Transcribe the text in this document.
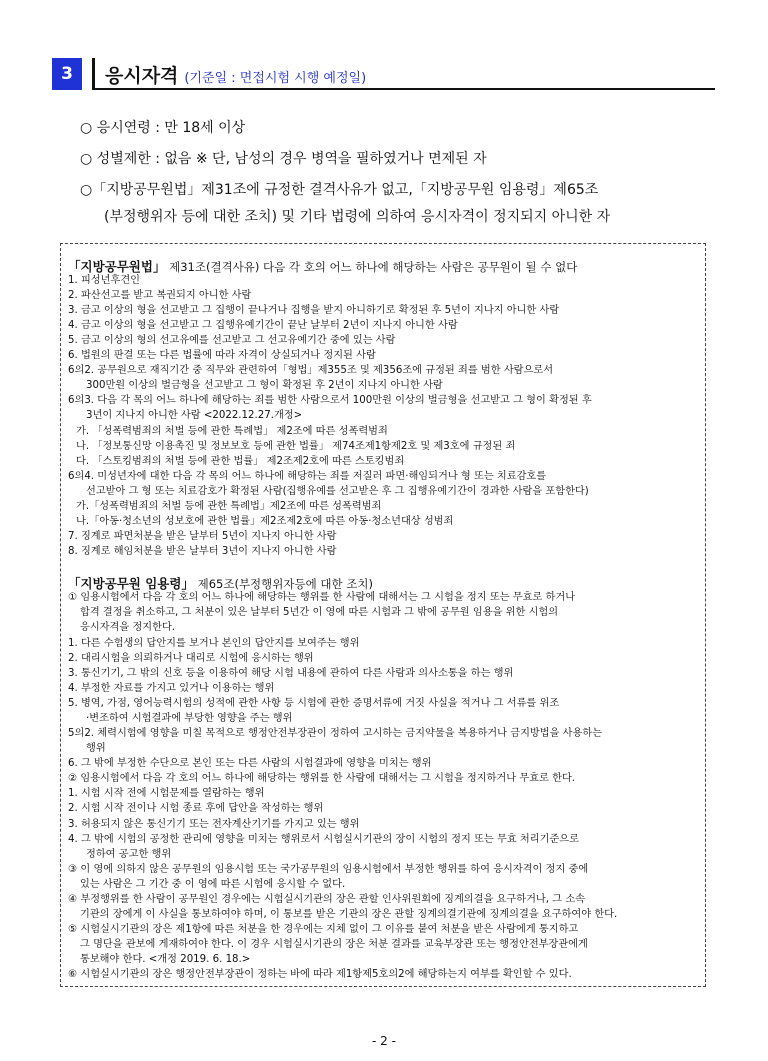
3	응시자격 (기준일 : 면접시험 시행 예정일)
○ 응시연령 : 만 18세 이상
○ 성별제한 : 없음 ※ 단, 남성의 경우 병역을 필하였거나 면제된 자
○「지방공무원법」제31조에 규정한 결격사유가 없고,「지방공무원 임용령」제65조
(부정행위자 등에 대한 조치) 및 기타 법령에 의하여 응시자격이 정지되지 아니한 자
「지방공무원법」 제31조(결격사유) 다음 각 호의 어느 하나에 해당하는 사람은 공무원이 될 수 없다
1. 피성년후견인
2. 파산선고를 받고 복권되지 아니한 사람
3. 금고 이상의 형을 선고받고 그 집행이 끝나거나 집행을 받지 아니하기로 확정된 후 5년이 지나지 아니한 사람
4. 금고 이상의 형을 선고받고 그 집행유예기간이 끝난 날부터 2년이 지나지 아니한 사람
5. 금고 이상의 형의 선고유예를 선고받고 그 선고유예기간 중에 있는 사람
6. 법원의 판결 또는 다른 법률에 따라 자격이 상실되거나 정지된 사람
6의2. 공무원으로 재직기간 중 직무와 관련하여「형법」제355조 및 제356조에 규정된 죄를 범한 사람으로서
300만원 이상의 벌금형을 선고받고 그 형이 확정된 후 2년이 지나지 아니한 사람
6의3. 다음 각 목의 어느 하나에 해당하는 죄를 범한 사람으로서 100만원 이상의 벌금형을 선고받고 그 형이 확정된 후
3년이 지나지 아니한 사람 <2022.12.27.개정>
가. 「성폭력범죄의 처벌 등에 관한 특례법」 제2조에 따른 성폭력범죄
나. 「정보통신망 이용촉진 및 정보보호 등에 관한 법률」 제74조제1항제2호 및 제3호에 규정된 죄
다. 「스토킹범죄의 처벌 등에 관한 법률」 제2조제2호에 따른 스토킹범죄
6의4. 미성년자에 대한 다음 각 목의 어느 하나에 해당하는 죄를 저질러 파면·해임되거나 형 또는 치료감호를
선고받아 그 형 또는 치료감호가 확정된 사람(집행유예를 선고받은 후 그 집행유예기간이 경과한 사람을 포함한다)
가.「성폭력범죄의 처벌 등에 관한 특례법」제2조에 따른 성폭력범죄
나.「아동·청소년의 성보호에 관한 법률」제2조제2호에 따른 아동·청소년대상 성범죄
7. 징계로 파면처분을 받은 날부터 5년이 지나지 아니한 사람
8. 징계로 해임처분을 받은 날부터 3년이 지나지 아니한 사람
「지방공무원 임용령」 제65조(부정행위자등에 대한 조치)
① 임용시험에서 다음 각 호의 어느 하나에 해당하는 행위를 한 사람에 대해서는 그 시험을 정지 또는 무효로 하거나
합격 결정을 취소하고, 그 처분이 있은 날부터 5년간 이 영에 따른 시험과 그 밖에 공무원 임용을 위한 시험의
응시자격을 정지한다.
1. 다른 수험생의 답안지를 보거나 본인의 답안지를 보여주는 행위
2. 대리시험을 의뢰하거나 대리로 시험에 응시하는 행위
3. 통신기기, 그 밖의 신호 등을 이용하여 해당 시험 내용에 관하여 다른 사람과 의사소통을 하는 행위
4. 부정한 자료를 가지고 있거나 이용하는 행위
5. 병역, 가점, 영어능력시험의 성적에 관한 사항 등 시험에 관한 증명서류에 거짓 사실을 적거나 그 서류를 위조
·변조하여 시험결과에 부당한 영향을 주는 행위
5의2. 체력시험에 영향을 미칠 목적으로 행정안전부장관이 정하여 고시하는 금지약물을 복용하거나 금지방법을 사용하는
행위
6. 그 밖에 부정한 수단으로 본인 또는 다른 사람의 시험결과에 영향을 미치는 행위
② 임용시험에서 다음 각 호의 어느 하나에 해당하는 행위를 한 사람에 대해서는 그 시험을 정지하거나 무효로 한다.
1. 시험 시작 전에 시험문제를 열람하는 행위
2. 시험 시작 전이나 시험 종료 후에 답안을 작성하는 행위
3. 허용되지 않은 통신기기 또는 전자계산기기를 가지고 있는 행위
4. 그 밖에 시험의 공정한 관리에 영향을 미치는 행위로서 시험실시기관의 장이 시험의 정지 또는 무효 처리기준으로
정하여 공고한 행위
③ 이 영에 의하지 않은 공무원의 임용시험 또는 국가공무원의 임용시험에서 부정한 행위를 하여 응시자격이 정지 중에
있는 사람은 그 기간 중 이 영에 따른 시험에 응시할 수 없다.
④ 부정행위를 한 사람이 공무원인 경우에는 시험실시기관의 장은 관할 인사위원회에 징계의결을 요구하거나, 그 소속
기관의 장에게 이 사실을 통보하여야 하며, 이 통보를 받은 기관의 장은 관할 징계의결기관에 징계의결을 요구하여야 한다.
⑤ 시험실시기관의 장은 제1항에 따른 처분을 한 경우에는 지체 없이 그 이유를 붙여 처분을 받은 사람에게 통지하고
그 명단을 관보에 게재하여야 한다. 이 경우 시험실시기관의 장은 처분 결과를 교육부장관 또는 행정안전부장관에게
통보해야 한다. <개정 2019. 6. 18.>
⑥ 시험실시기관의 장은 행정안전부장관이 정하는 바에 따라 제1항제5호의2에 해당하는지 여부를 확인할 수 있다.
- 2 -
